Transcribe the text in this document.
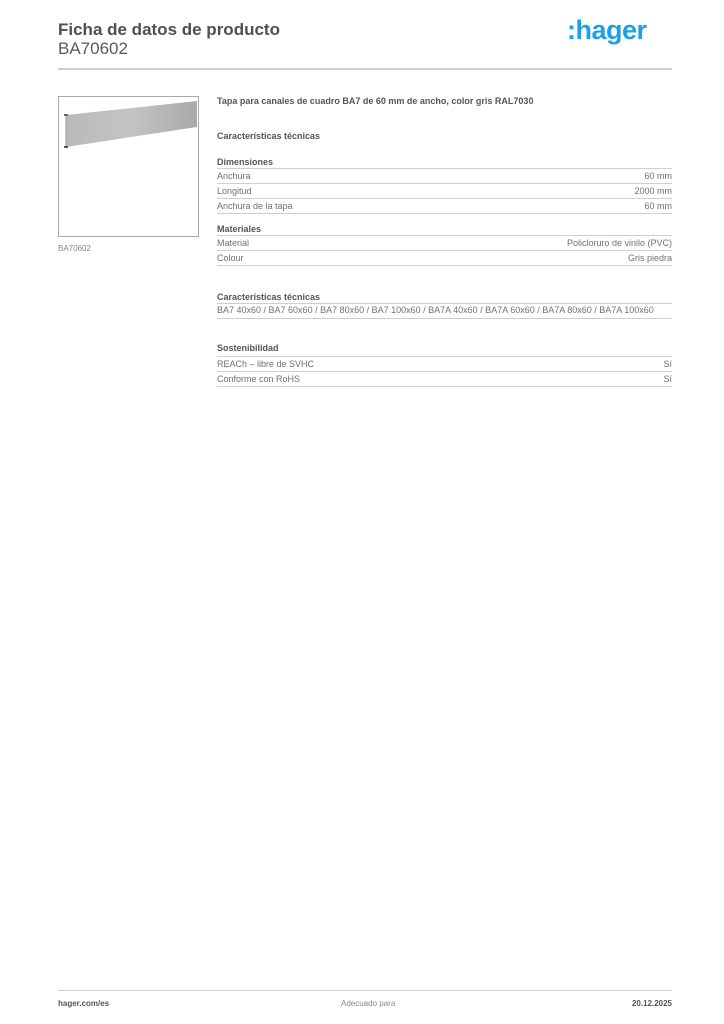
Ficha de datos de producto
BA70602
:hager
BA70602
Tapa para canales de cuadro BA7 de 60 mm de ancho, color gris RAL7030
Características técnicas
Dimensiones
Anchura	60 mm
Longitud	2000 mm
Anchura de la tapa	60 mm
Materiales
Material	Policloruro de vinilo (PVC)
Colour	Gris piedra
Características técnicas
BA7 40x60 / BA7 60x60 / BA7 80x60 / BA7 100x60 / BA7A 40x60 / BA7A 60x60 / BA7A 80x60 / BA7A 100x60
Sostenibilidad
REACh – libre de SVHC	Sí
Conforme con RoHS	Sí
hager.com/es	Adecuado para	20.12.2025
